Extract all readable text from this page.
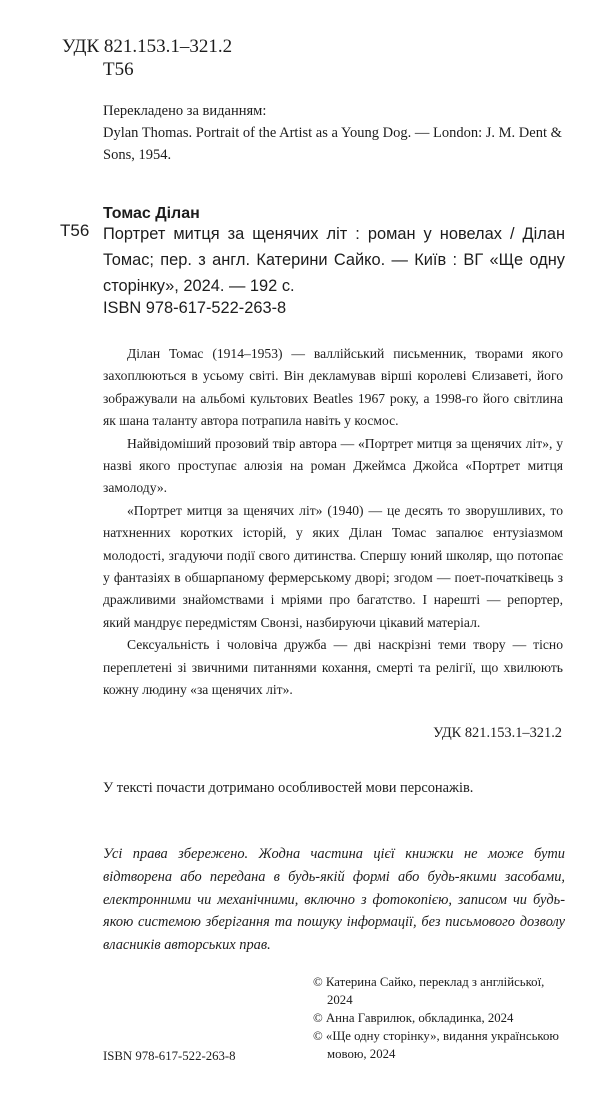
УДК 821.153.1–321.2
Т56
Перекладено за виданням:
Dylan Thomas. Portrait of the Artist as a Young Dog. — London: J. M. Dent & Sons, 1954.
Томас Ділан
Т56 Портрет митця за щенячих літ : роман у новелах / Ділан Томас; пер. з англ. Катерини Сайко. — Київ : ВГ «Ще одну сторінку», 2024. — 192 с.
ISBN 978-617-522-263-8

Ділан Томас (1914–1953) — валлійський письменник, творами якого захоплюються в усьому світі. Він декламував вірші королеві Єлизаветі, його зображували на альбомі культових Beatles 1967 року, а 1998-го його світлина як шана таланту автора потрапила навіть у космос.

Найвідоміший прозовий твір автора — «Портрет митця за щенячих літ», у назві якого проступає алюзія на роман Джеймса Джойса «Портрет митця замолоду».

«Портрет митця за щенячих літ» (1940) — це десять то зворушливих, то натхненних коротких історій, у яких Ділан Томас запалює ентузіазмом молодості, згадуючи події свого дитинства. Спершу юний школяр, що потопає у фантазіях в обшарпаному фермерському дворі; згодом — поет-початківець з дражливими знайомствами і мріями про багатство. І нарешті — репортер, який мандрує передмістям Свонзі, назбируючи цікавий матеріал.

Сексуальність і чоловіча дружба — дві наскрізні теми твору — тісно переплетені зі звичними питаннями кохання, смерті та релігії, що хвилюють кожну людину «за щенячих літ».

УДК 821.153.1–321.2
У тексті почасти дотримано особливостей мови персонажів.
Усі права збережено. Жодна частина цієї книжки не може бути відтворена або передана в будь-якій формі або будь-якими засобами, електронними чи механічними, включно з фотокопією, записом чи будь-якою системою зберігання та пошуку інформації, без письмового дозволу власників авторських прав.
© Катерина Сайко, переклад з англійської, 2024
© Анна Гаврилюк, обкладинка, 2024
© «Ще одну сторінку», видання українською мовою, 2024
ISBN 978-617-522-263-8
